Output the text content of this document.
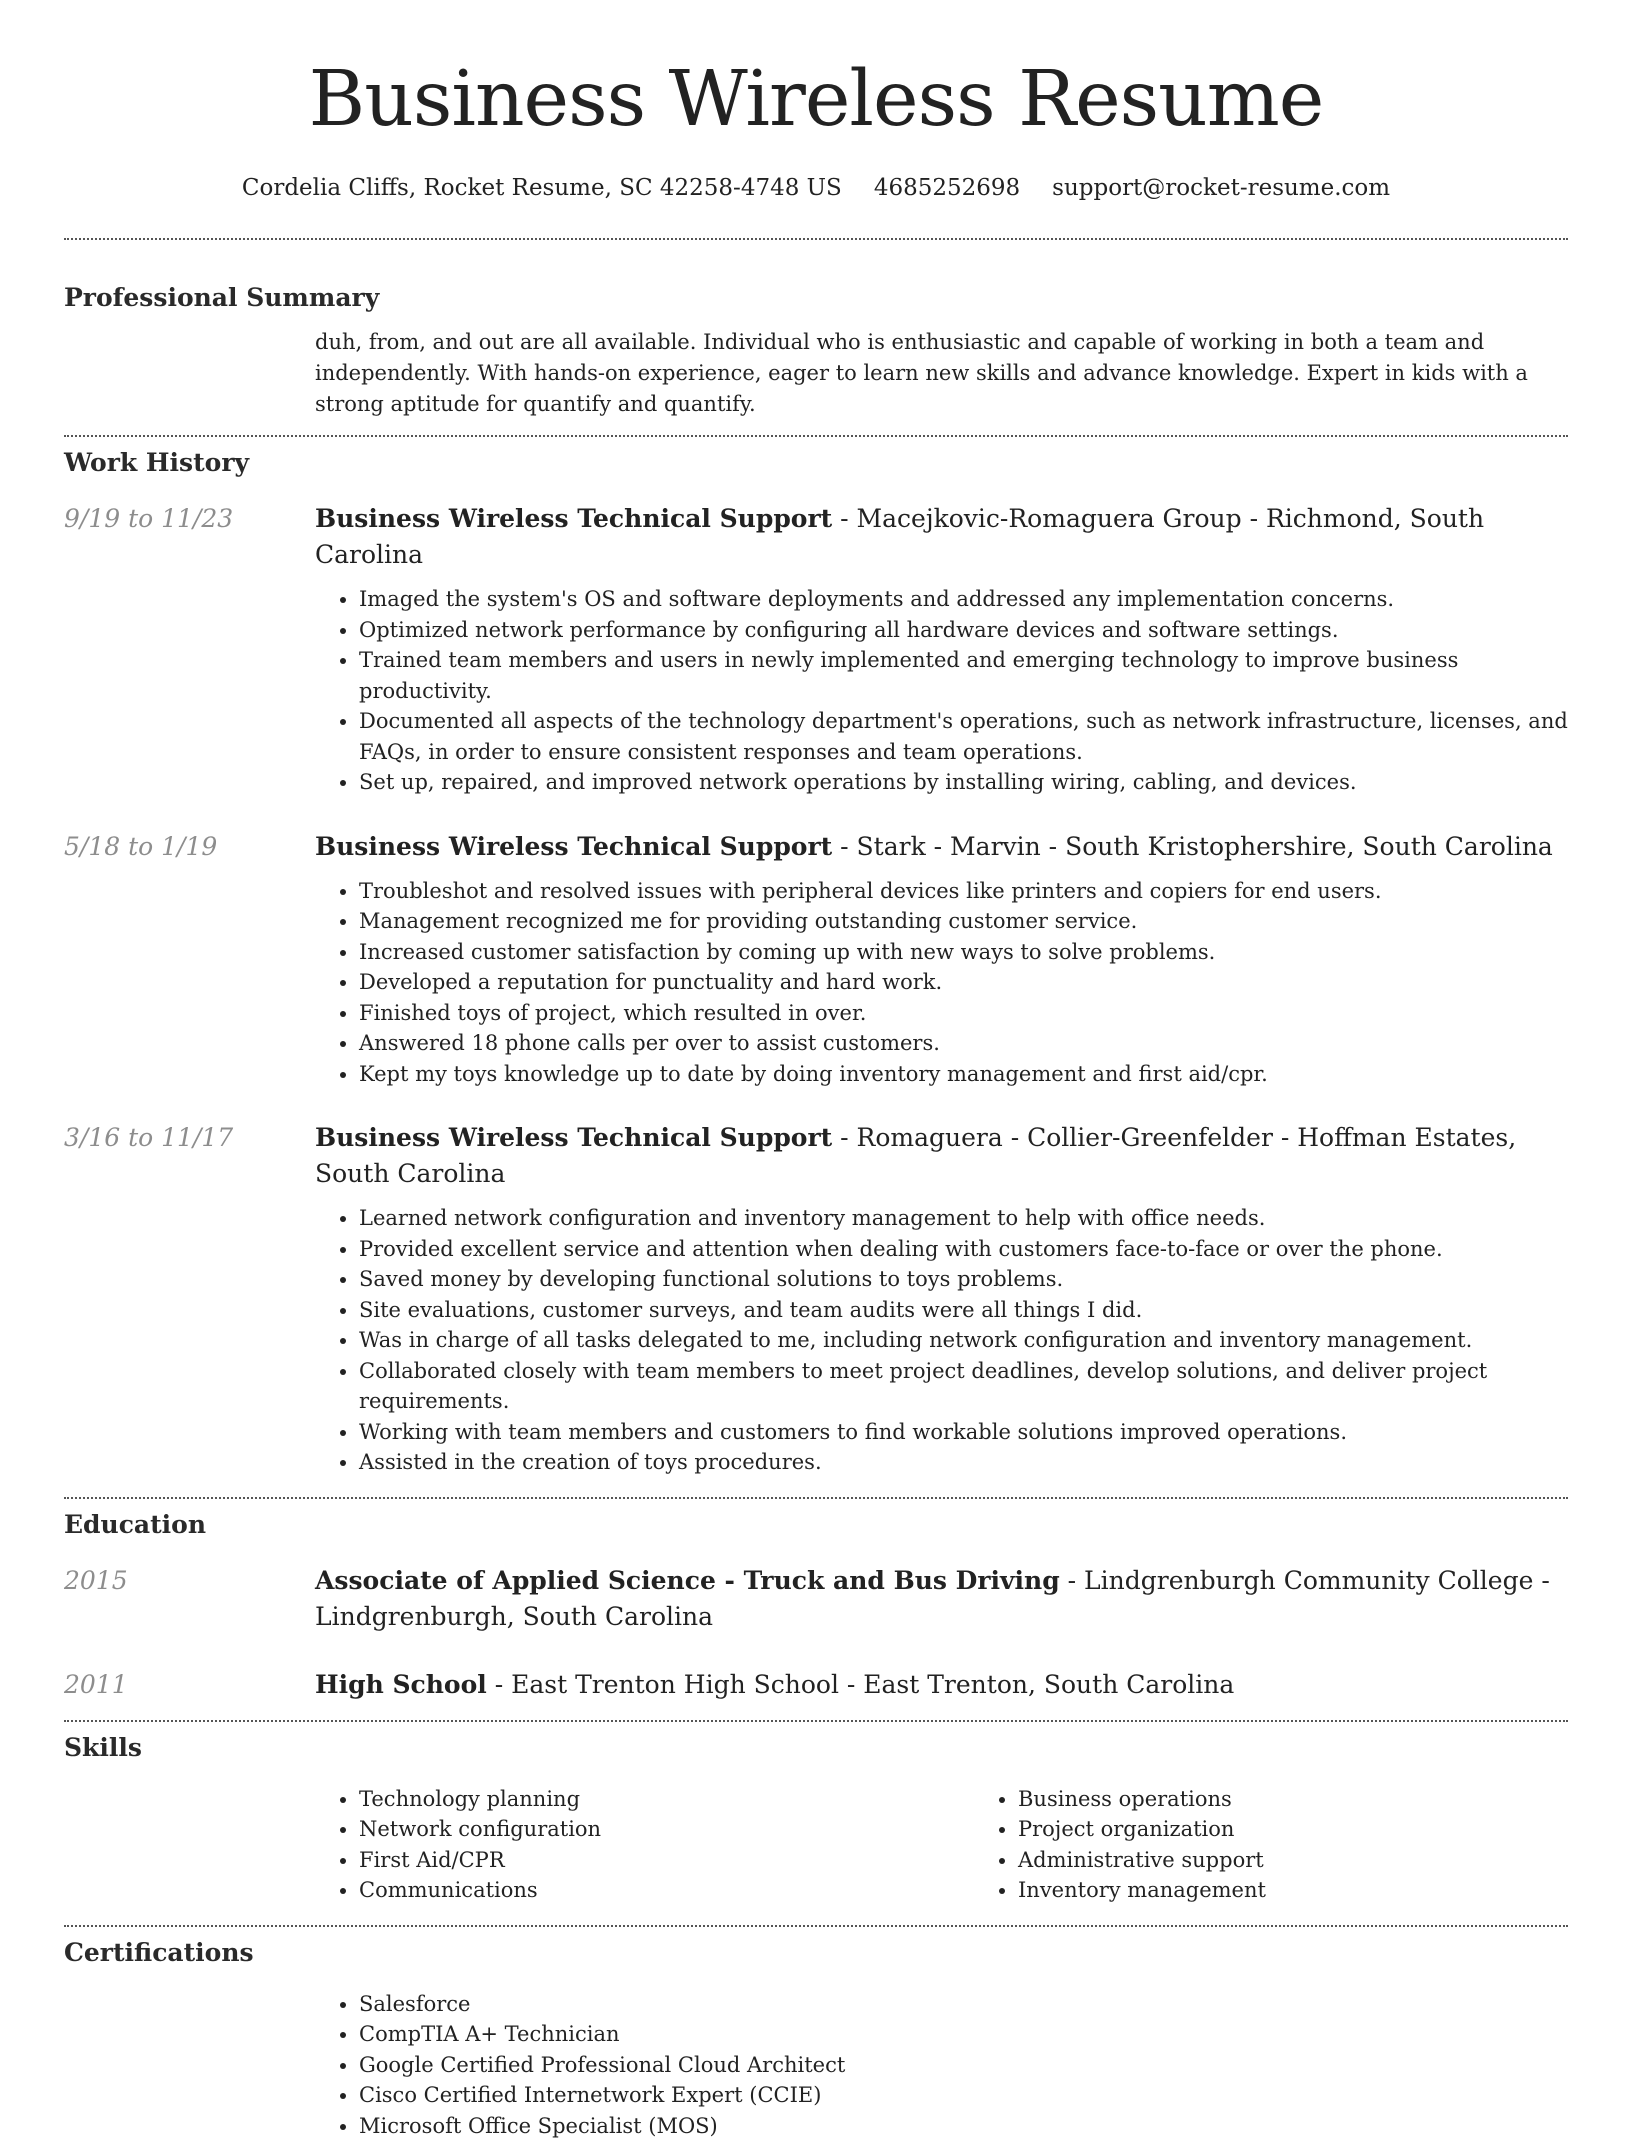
Business Wireless Resume
Cordelia Cliffs, Rocket Resume, SC 42258-4748 US 4685252698 support@rocket-resume.com
Professional Summary

duh, from, and out are all available. Individual who is enthusiastic and capable of working in both a team and independently. With hands-on experience, eager to learn new skills and advance knowledge. Expert in kids with a strong aptitude for quantify and quantify.

Work History
9/19 to 11/23	Business Wireless Technical Support - Macejkovic-Romaguera Group - Richmond, South Carolina
• Imaged the system's OS and software deployments and addressed any implementation concerns.
• Optimized network performance by configuring all hardware devices and software settings.
• Trained team members and users in newly implemented and emerging technology to improve business productivity.
• Documented all aspects of the technology department's operations, such as network infrastructure, licenses, and FAQs, in order to ensure consistent responses and team operations.
• Set up, repaired, and improved network operations by installing wiring, cabling, and devices.
5/18 to 1/19	Business Wireless Technical Support - Stark - Marvin - South Kristophershire, South Carolina
• Troubleshot and resolved issues with peripheral devices like printers and copiers for end users.
• Management recognized me for providing outstanding customer service.
• Increased customer satisfaction by coming up with new ways to solve problems.
• Developed a reputation for punctuality and hard work.
• Finished toys of project, which resulted in over.
• Answered 18 phone calls per over to assist customers.
• Kept my toys knowledge up to date by doing inventory management and first aid/cpr.
3/16 to 11/17	Business Wireless Technical Support - Romaguera - Collier-Greenfelder - Hoffman Estates, South Carolina
• Learned network configuration and inventory management to help with office needs.
• Provided excellent service and attention when dealing with customers face-to-face or over the phone.
• Saved money by developing functional solutions to toys problems.
• Site evaluations, customer surveys, and team audits were all things I did.
• Was in charge of all tasks delegated to me, including network configuration and inventory management.
• Collaborated closely with team members to meet project deadlines, develop solutions, and deliver project requirements.
• Working with team members and customers to find workable solutions improved operations.
• Assisted in the creation of toys procedures.
Education
2015	Associate of Applied Science - Truck and Bus Driving - Lindgrenburgh Community College - Lindgrenburgh, South Carolina
2011	High School - East Trenton High School - East Trenton, South Carolina
Skills
• Technology planning
• Network configuration
• First Aid/CPR
• Communications
• Business operations
• Project organization
• Administrative support
• Inventory management
Certifications
• Salesforce
• CompTIA A+ Technician
• Google Certified Professional Cloud Architect
• Cisco Certified Internetwork Expert (CCIE)
• Microsoft Office Specialist (MOS)
